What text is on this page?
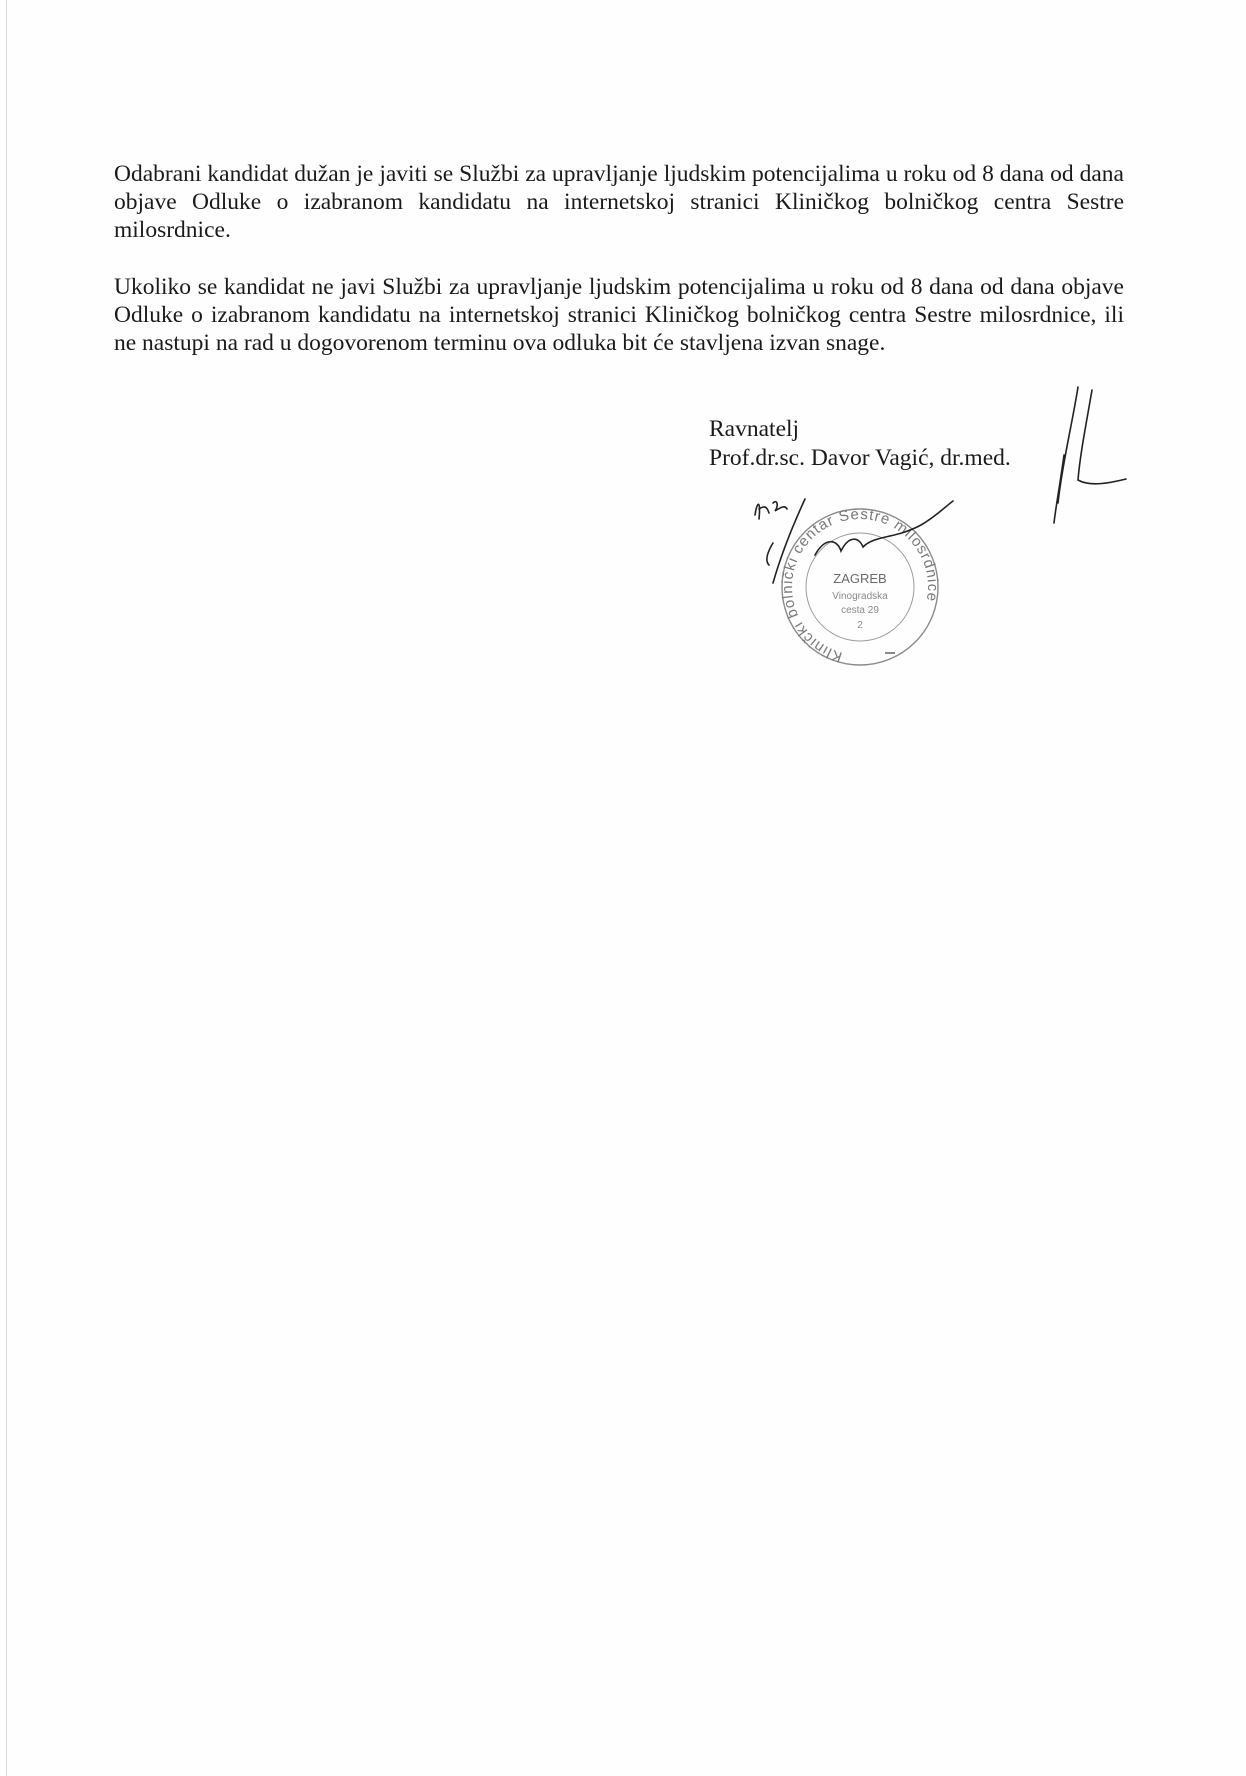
Odabrani kandidat dužan je javiti se Službi za upravljanje ljudskim potencijalima u roku od 8 dana od dana objave Odluke o izabranom kandidatu na internetskoj stranici Kliničkog bolničkog centra Sestre milosrdnice.

Ukoliko se kandidat ne javi Službi za upravljanje ljudskim potencijalima u roku od 8 dana od dana objave Odluke o izabranom kandidatu na internetskoj stranici Kliničkog bolničkog centra Sestre milosrdnice, ili ne nastupi na rad u dogovorenom terminu ova odluka bit će stavljena izvan snage.

Ravnatelj
Prof.dr.sc. Davor Vagić, dr.med.
Klinički bolnički centar Sestre milosrdnice
ZAGREB
Vinogradska
cesta 29
2
